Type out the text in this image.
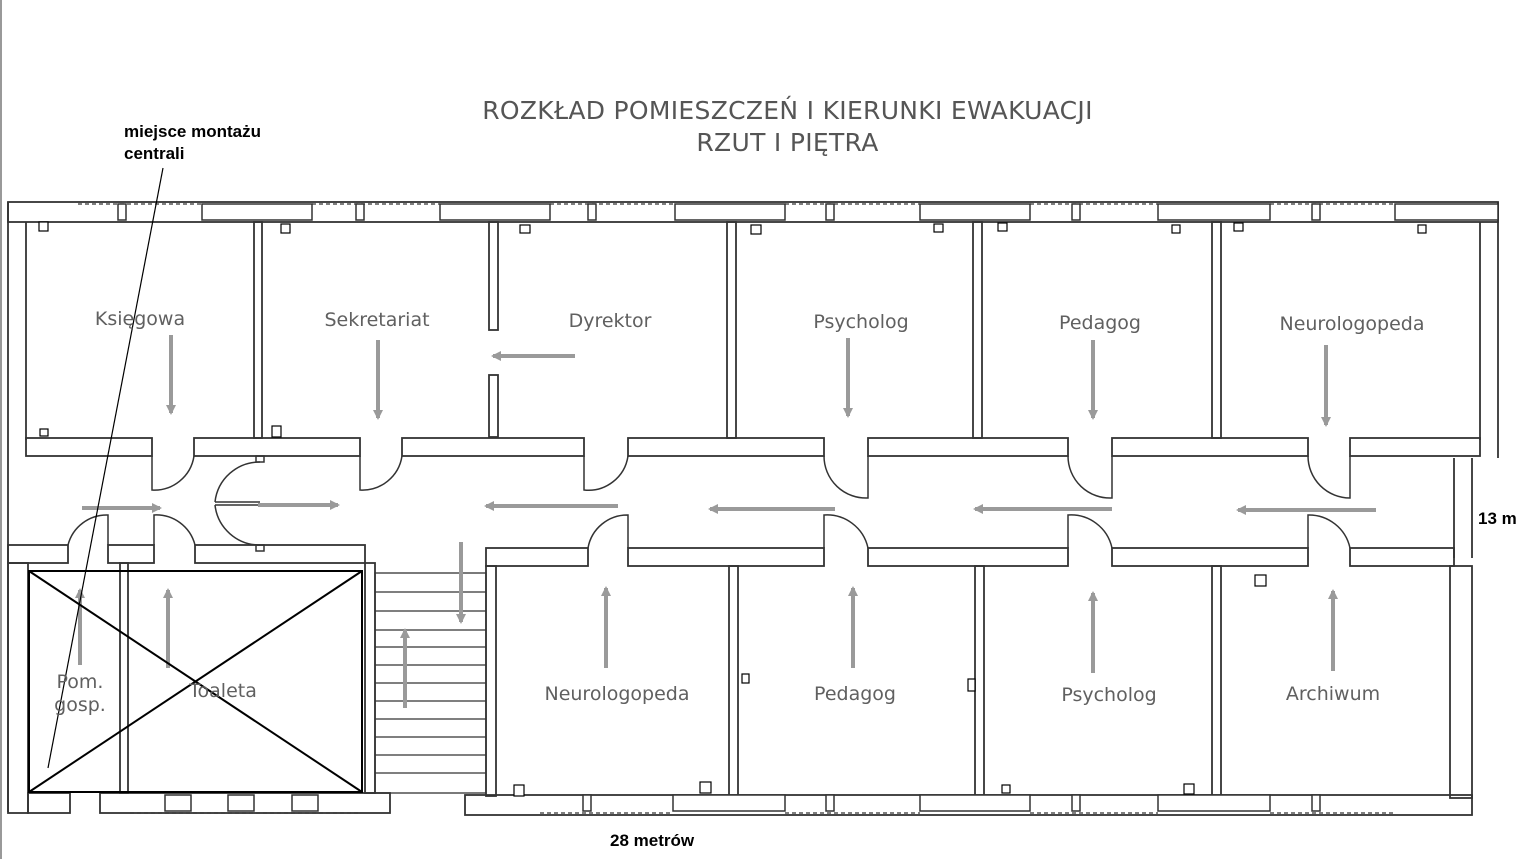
ROZKŁAD POMIESZCZEŃ I KIERUNKI EWAKUACJI
RZUT I PIĘTRA
miejsce montażu
centrali
Księgowa	Sekretariat	Dyrektor	Psycholog	Pedagog	Neurologopeda
Pom.
gosp.
Toaleta	Neurologopeda	Pedagog	Psycholog	Archiwum
13 m
28 metrów
